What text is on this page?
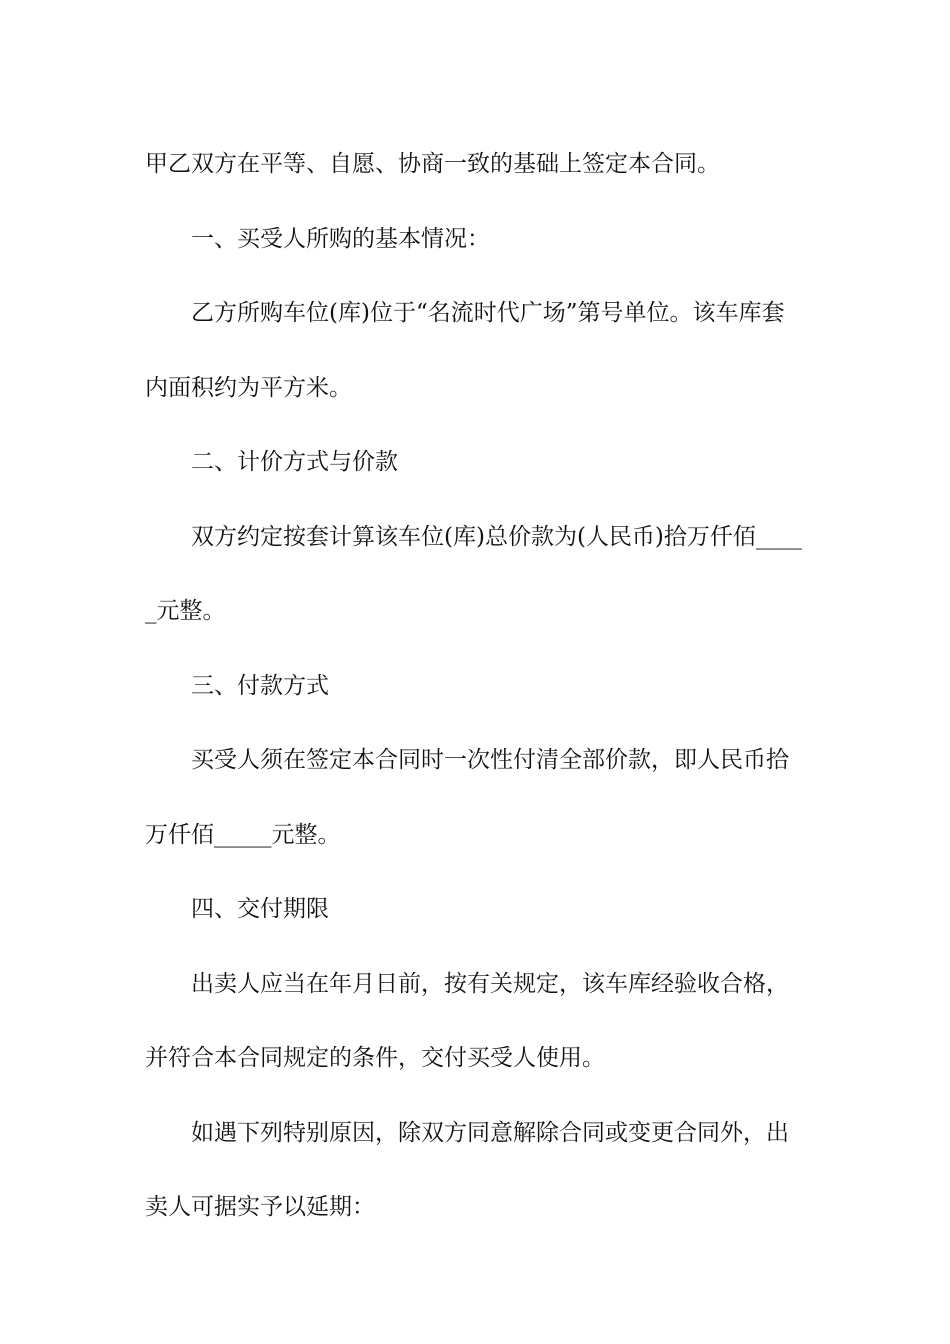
甲乙双方在平等、自愿、协商一致的基础上签定本合同。

一、买受人所购的基本情况：

乙方所购车位(库)位于“名流时代广场”第号单位。该车库套内面积约为平方米。

二、计价方式与价款

双方约定按套计算该车位(库)总价款为(人民币)拾万仟佰_____元整。

三、付款方式

买受人须在签定本合同时一次性付清全部价款，即人民币拾万仟佰_____元整。

四、交付期限

出卖人应当在年月日前，按有关规定，该车库经验收合格，并符合本合同规定的条件，交付买受人使用。

如遇下列特别原因，除双方同意解除合同或变更合同外，出卖人可据实予以延期：
